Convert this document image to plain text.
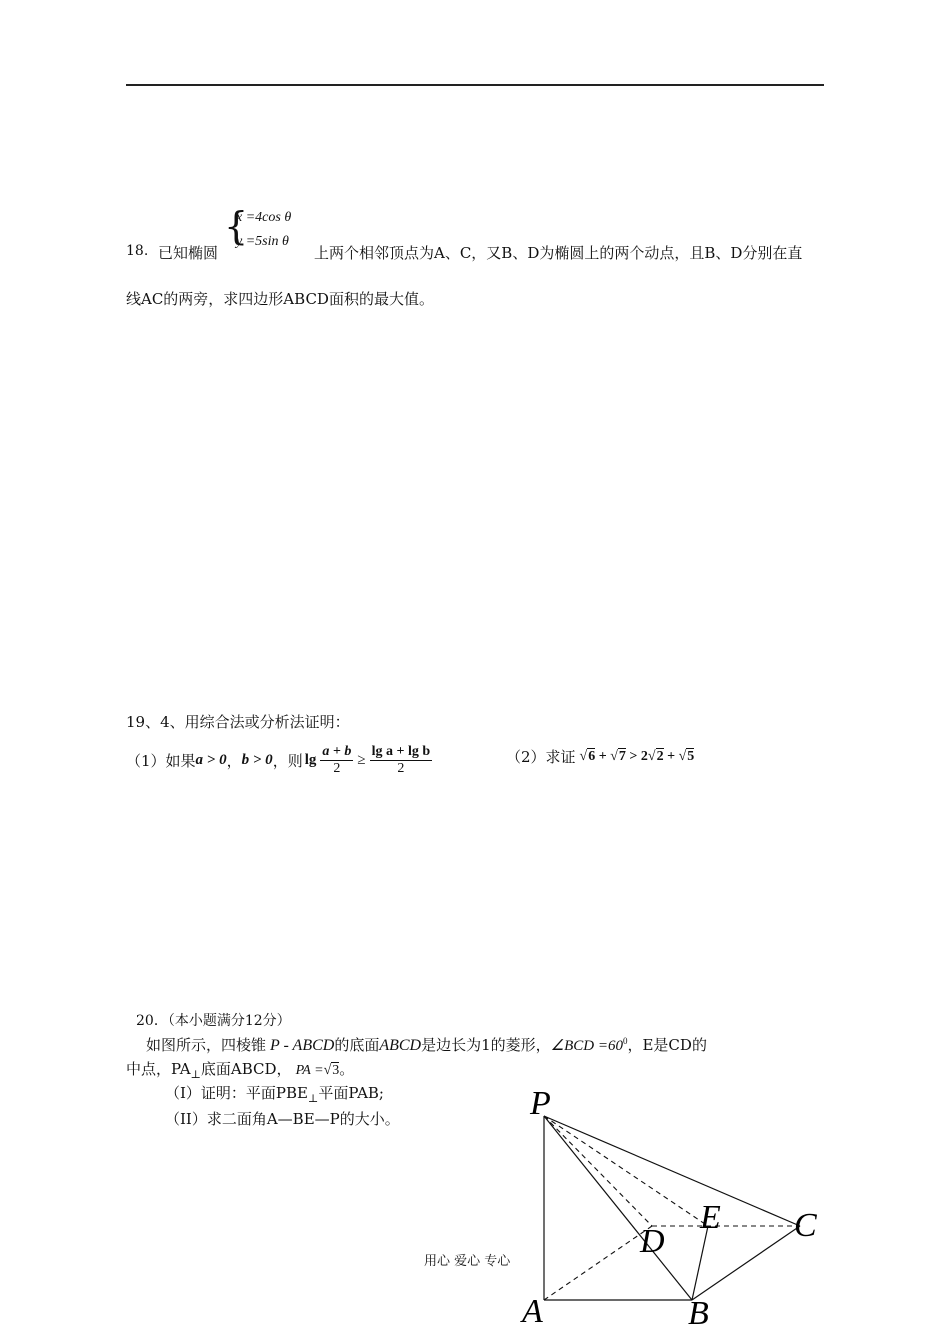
18. 已知椭圆
{
x =4cos θ
y =5sin θ
上两个相邻顶点为A、C，又B、D为椭圆上的两个动点，且B、D分别在直
线AC的两旁，求四边形ABCD面积的最大值。
19、4、用综合法或分析法证明：
（1）如果 a > 0 ， b > 0 ，则 $\lg \frac{a + b}{2} \ge \frac{\text{lg a + lg b}}{2}$	（2）求证 √6 + √7 > 2√2 + √5
20．（本小题满分12分）
如图所示，四棱锥 P - ABCD的底面ABCD是边长为1的菱形，∠BCD $=60^0$，E是CD的
中点，$PA_\perp$底面ABCD， PA =√3。
（I）证明：平面$PBE_\perp$平面PAB;
（II）求二面角A—BE—P的大小。	P
A	B
C
D
E
用心 爱心 专心
